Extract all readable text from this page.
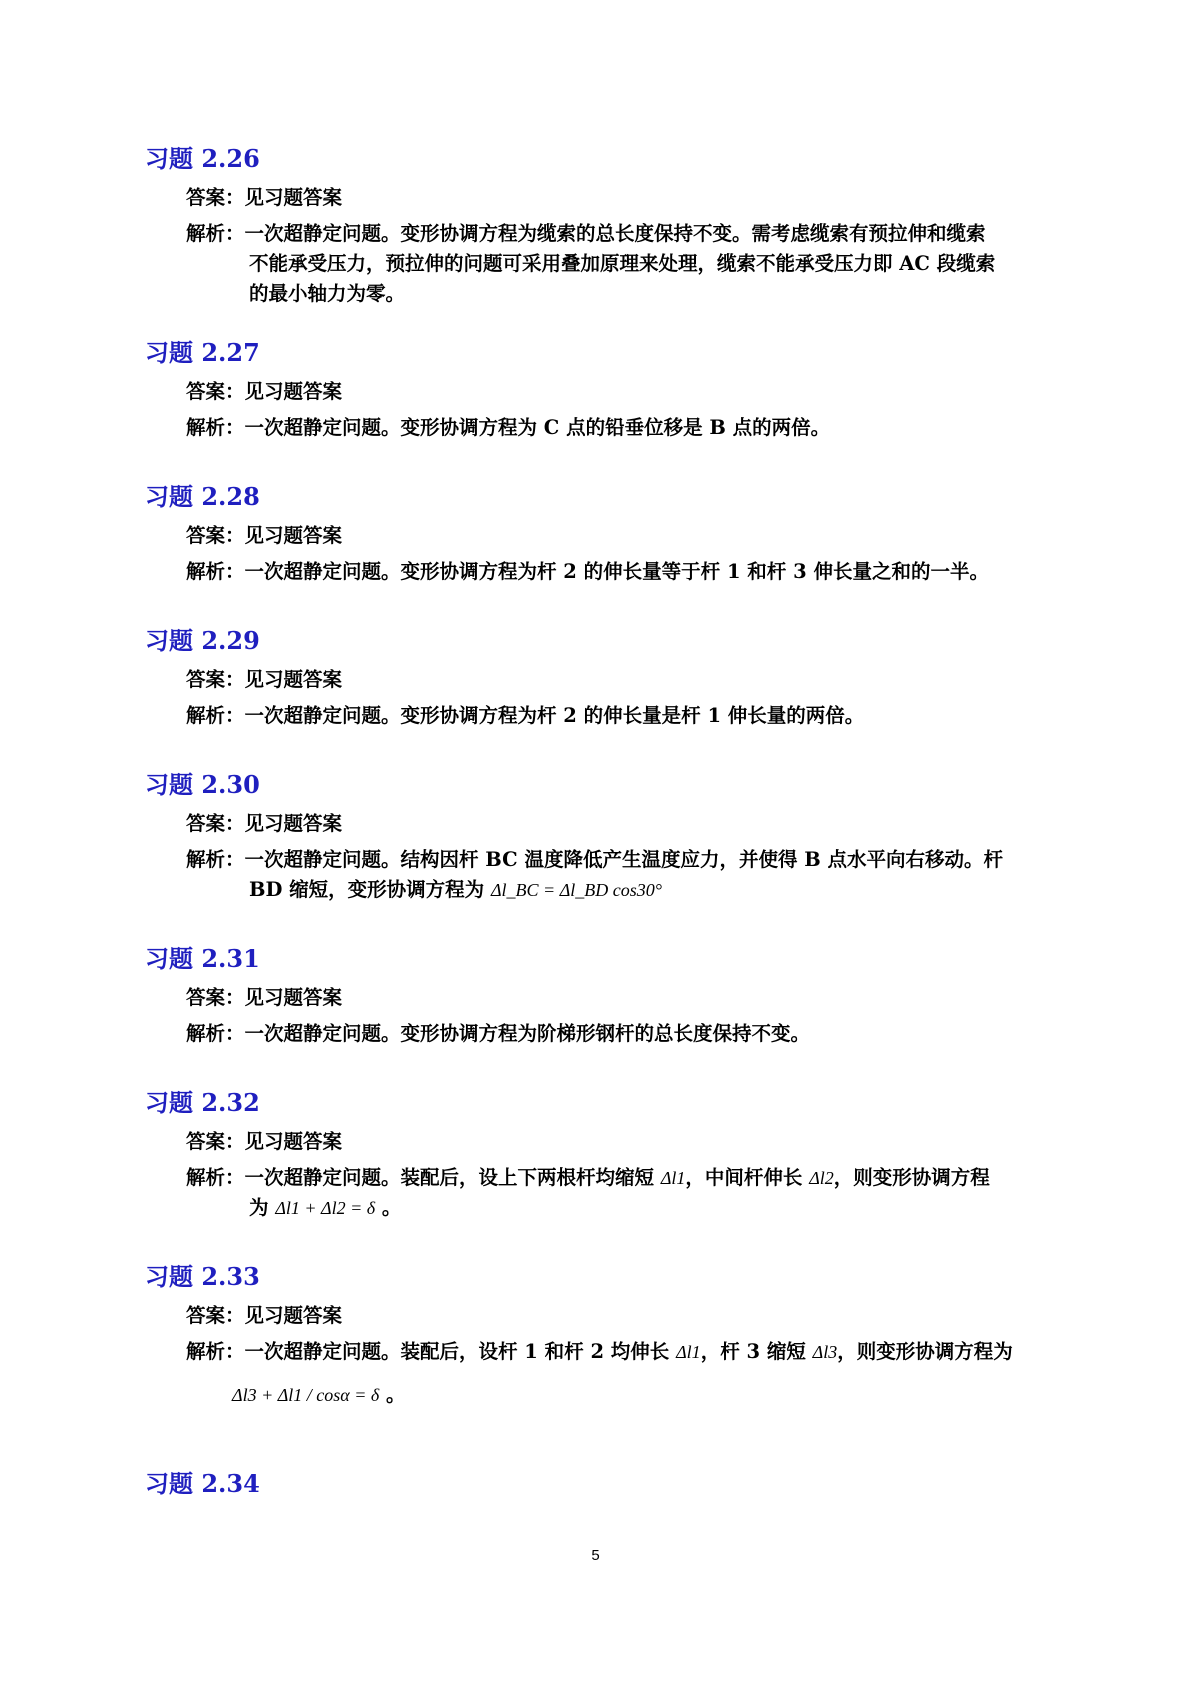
习题 2.26

答案：见习题答案

解析：一次超静定问题。变形协调方程为缆索的总长度保持不变。需考虑缆索有预拉伸和缆索

不能承受压力，预拉伸的问题可采用叠加原理来处理，缆索不能承受压力即 AC 段缆索

的最小轴力为零。

习题 2.27

答案：见习题答案

解析：一次超静定问题。变形协调方程为 C 点的铅垂位移是 B 点的两倍。

习题 2.28

答案：见习题答案

解析：一次超静定问题。变形协调方程为杆 2 的伸长量等于杆 1 和杆 3 伸长量之和的一半。

习题 2.29

答案：见习题答案

解析：一次超静定问题。变形协调方程为杆 2 的伸长量是杆 1 伸长量的两倍。

习题 2.30

答案：见习题答案

解析：一次超静定问题。结构因杆 BC 温度降低产生温度应力，并使得 B 点水平向右移动。杆

BD 缩短，变形协调方程为 Δl_BC = Δl_BD cos30°

习题 2.31

答案：见习题答案

解析：一次超静定问题。变形协调方程为阶梯形钢杆的总长度保持不变。

习题 2.32

答案：见习题答案

解析：一次超静定问题。装配后，设上下两根杆均缩短 Δl1，中间杆伸长 Δl2，则变形协调方程

为 Δl1 + Δl2 = δ 。

习题 2.33

答案：见习题答案

解析：一次超静定问题。装配后，设杆 1 和杆 2 均伸长 Δl1，杆 3 缩短 Δl3，则变形协调方程为

Δl3 + Δl1 / cosα = δ 。

习题 2.34
5
